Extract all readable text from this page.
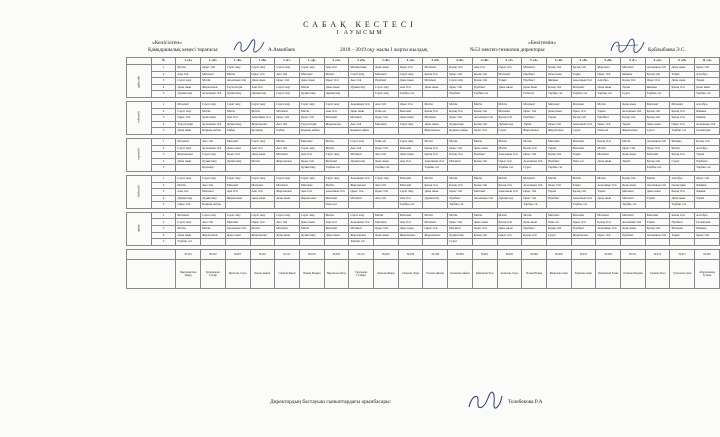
САБАҚ КЕСТЕСІ
I АУЫСЫМ
«Келісілген»
Қамқоршылық кеңесі төрағасы:	А.Аманбаев	2018 – 2019 оқу жылы I жарты жылдық
«Бекітемін»
№53 мектеп-гимназия директоры:	Қойлыбаева Э.С.
	№	1 «А»	1 «Ә»	1 «Б»	1 «В»	1 «Г»	1 «Д»	2 «А»	2 «Ә»	2 «Б»	4 «А»	4 «Ә»	4 «Б»	4 «В»	4 «Г»	5 «А»	5 «Ә»	5 «Б»	5 «В»	5 «Г»	6 «А»	6 «Ә»	11 «А»
дүйсенбі	1	Мәтін	Орыс тілі	Сауат ашу	Сауат ашу	Сауат ашу	Сауат ашу	Ана тілі	Математика	Дене шын	Орыс тілі	Математ	Қазақ тілі	Ана тілі	Орыс тілі	Математ	Қазақ тілі	Қазақ тілі	Жаратыл	Математ	Ағылшын тілі	Дене шын	Орыс тілі
	2	Ана тілі	Математ	Мәтін	Орыс тілі	Ана тілі	Математ	Мәтін	Сауат ашу	Математ	Сауат ашу	Қазақ тілі	Орыс тілі	Қазақ тілі	Математ	Әдебиет	Дене шын	Тарих	Орыс тілі	Физика	Қазақ тілі	Тарих	Алгебра
	3	Сауат ашу	Мәтін	Ағылшын тілі	Дене шын	Орыс тілі	Дене шын	Орыс тілі	Ана тілі	Әдебиет	Дене шын	Математ	Сауат ашу	Қазақ тілі	Тарих	Әдебиет	Физика	Ағылшын тілі	Алгебра	Қазақ тілі	Орыс тілі	Дене шын	Тарих
	4	Дене шын	Жаратылыс	Тәуелсіздік	Ана тілі	Сауат ашу	Мәтін	Дене шын	Дүниетану	Сауат ашу	Ана тілі	Дене шын	Орыс тілі	Әдебиет	Дене шын	Дене шын	Қазақ тілі	Математ	Дене шын	Тарих	Физика	Қазақ тілі	Дене шын
	5	Дүниетану	Ағылшын тілі	Дүниетану	Дүниетану	Сауат ашу	Дүниетану	Дүниетану		Сауат ашу	Тарбие сағ		Әдебиет	Тарбие сағ		Өзін-өзі	Тарбие сағ	Тарбие сағ	Тарбие сағ	Сурет	Тарбие сағ		Тарбие сағ

сейсенбі	1	Математ	Сауат ашу	Сауат ашу	Сауат ашу	Сауат ашу	Сауат ашу	Сауат ашу	Ағылшын тілі	Ана тілі	Орыс тілі	Мәтін	Мәтін	Мәтін	Мәтін	Математ	Математ	Математ	Мәтін	Дене шын	Математ	Математ	Алгебра
	2	Сауат ашу	Мәтін	Мәтін	Мәтін	Математ	Мәтін	Ана тілі	Дене шын	Өзін-өзі	Математ	Қазақ тілі	Қазақ тілі	Қазақ тілі	Математ	Орыс тілі	Дене шын	Орыс тілі	Тарих	Ағылшын тілі	Қазақ тілі	Қазақ тілі	Физика
	3	Орыс тілі	Дене шын	Ана тілі	Ағылшын тілі	Орыс тілі	Орыс тілі	Математ	Математ	Орыс тілі	Дене шын	Математ	Орыс тілі	Ағылшын тілі	Қазақ тілі	Әдебиет	Тарих	Қазақ тілі	Әдебиет	Қазақ тілі	Қазақ тілі	Қазақ тілі	Химия
	4	Тәуелсіздік	Ағылшын тілі	Дүниетану	Жаратылыс	Ана тілі	Тәуелсіздік	Жаратылыс	Ана тілі	Математ	Сауат ашу	Дене шын	Дүниетану	Қазақ тілі	Дүниетану	Тарих	Орыс тілі	Ағылшын тілі	Орыс тілі	Тарих	Дене шын	Орыс тілі	Ағылшын тілі
	5	Дене шын	Көркем еңбек	Еңбек	Қолөнер	Еңбек	Көркем еңбек		Көркем еңбек			Жаратылыс	Көркем еңбек	Орыс тілі	Сурет	Жаратылыс	Жаратылыс	Сурет	Өзін-өзі	Жаратылыс	Сурет	Тарбие сағ	Геометрия

сәрсенбі	1	Математ	Ана тілі	Математ	Сауат ашу	Мәтін	Математ	Мәтін	Сауат ашу	Өзін-өзі	Сауат ашу	Мәтін	Мәтін	Мәтін	Мәтін	Мәтін	Математ	Математ	Қазақ тілі	Мәтін	Ағылшын тілі	Физика	Қазақ тілі
	2	Сауат ашу	Ағылшын тілі	Дене шын	Ана тілі	Ана тілі	Сауат ашу	Мәтін	Ана тілі	Орыс тілі	Математ	Қазақ тілі	Орыс тілі	Дене шын	Мәтін	Қазақ тілі	Тарих	Математ	Мәтін	Орыс тілі	Орыс тілі	Мәтін	Алгебра
	3	Жаратылыс	Сауат ашу	Орыс тілі	Дене шын	Математ	Ана тілі	Сауат ашу	Математ	Ана тілі	Дене шын	Қазақ тілі	Қазақ тілі	Әдебиет	Ағылшын тілі	Орыс тілі	Қазақ тілі	Тарих	Математ	Дене шын	Математ	Қазақ тілі	Тарих
	4	Дене шын	Дүниетану	Дүниетану	Мәтін	Жаратылыс	Орыс тілі	Математ	Дүниетану	Дене шын	Ана тілі	Ағылшын тілі	Математ	Қазақ тілі	Орыс тілі	Ағылшын тілі	Әдебиет	Өзін-өзі	Дене шын	Тарих	Қазақ тілі	Сурет	Әдебиет
	5		Қолөнер				Дүниетану	Тарбие сағ		Тарбие сағ		Тарбие сағ			Тарбие сағ	Сурет	Тарбие сағ				Тарбие сағ		Тарбие сағ

бейсенбі	1	Сауат ашу	Сауат ашу	Сауат ашу	Сауат ашу	Сауат ашу	Сауат ашу	Сауат ашу	Ағылшын тілі	Сауат ашу	Математ	Мәтін	Мәтін	Мәтін	Мәтін	Математ	Мәтін	Мәтін	Мәтін	Қазақ тілі	Мәтін	Алгебра	Орыс тілі
	2	Мәтін	Ана тілі	Математ	Математ	Математ	Математ	Мәтін	Жаратылыс	Ана тілі	Математ	Қазақ тілі	Қазақ тілі	Қазақ тілі	Қазақ тілі	Ағылшын тілі	Орыс тілі	Тарих	Ағылшын тілі	Дене шын	Ағылшын тілі	Геометрия	Физика
	3	Ана тілі	Математ	Ана тілі	Ана тілі	Жаратылыс	Ана тілі	Ағылшын тілі	Орыс тілі	Орыс тілі	Сауат ашу	Дене шын	Орыс тілі	Математ	Ағылшын тілі	Орыс тілі	Тарих	Қазақ тілі	Тарих	Математ	Дене шын	Қазақ тілі	Химия
	4	Дүниетану	Дүниетану	Жаратылыс	Дене шын	Дене шын	Жаратылыс	Математ	Математ	Ана тілі	Ана тілі	Дүниетану	Әдебиет	Ағылшын тілі	Дүниетану	Орыс тілі	Әдебиет	Ағылшын тілі	Дене шын	Математ	Тарих	Дене шын	Тарих
	5	Орыс тілі	Көркем еңбек					Өзін-өзі			Тарбие сағ		Тарбие сағ			Тарбие сағ		Тарбие сағ		Тарбие сағ		Тарбие сағ	

жұма	1	Математ	Сауат ашу	Сауат ашу	Сауат ашу	Сауат ашу	Сауат ашу	Мәтін	Сауат ашу	Мәтін	Математ	Мәтін	Мәтін	Мәтін	Мәтін	Мәтін	Математ	Математ	Математ	Математ	Математ	Қазақ тілі	Алгебра
	2	Сауат ашу	Ана тілі	Математ	Орыс тілі	Ана тілі	Дене шын	Ана тілі	Ағылшын тілі	Математ	Ана тілі	Математ	Орыс тілі	Дене шын	Қазақ тілі	Дене шын	Өзін-өзі	Орыс тілі	Қазақ тілі	Ағылшын тілі	Тарих	Әдебиет	Геометрия
	3	Мәтін	Мәтін	Ағылшын тілі	Мәтін	Математ	Мәтін	Математ	Математ	Орыс тілі	Дене шын	Орыс тілі	Математ	Орыс тілі	Дене шын	Әдебиет	Қазақ тілі	Әдебиет	Ағылшын тілі	Дене шын	Қазақ тілі	Математ	Физика
	4	Дене шын	Жаратылыс	Дене шын	Жаратылыс	Дене шын	Дүниетану	Дене шын	Жаратылыс	Дене шын	Жаратылыс	Жаратылыс	Дүниетану	Қазақ тілі	Орыс тілі	Қазақ тілі	Сурет	Жаратылыс	Орыс тілі	Әдебиет	Ағылшын тілі	Тарих	Орыс тілі
	5	Тарбие сағ							Тарбие сағ				Сурет										

		№101	№102	№207	№110	№111	№109	№203	№112	№204	№106	№108	№209	№201	№305	№306	№308	№310	№304	№311	№212	№317	№302
		Мырзахметова Айнур	Қуандықова Гүлнар	Жүнісова Сәуле	Бекова Айжан	Сейітова Бақыт	Әлиева Мадина	Нұрланова Айгүл	Тұрсынова Гүлмира	Омарова Жанар	Сапарова Лаура	Есенова Динара	Қасымова Айжан	Байжанова Роза	Ахметова Сауле	Исаева Назым	Жақыпова Алма	Ермекова Анар	Кенжебаева Ғалия	Оспанова Мәдина	Серікова Әсел	Тулегенова Дана	Абдрахманова Гүлжан
Директордың бастауыш сыныптардағы орынбасары:	Толебекова Р.А
